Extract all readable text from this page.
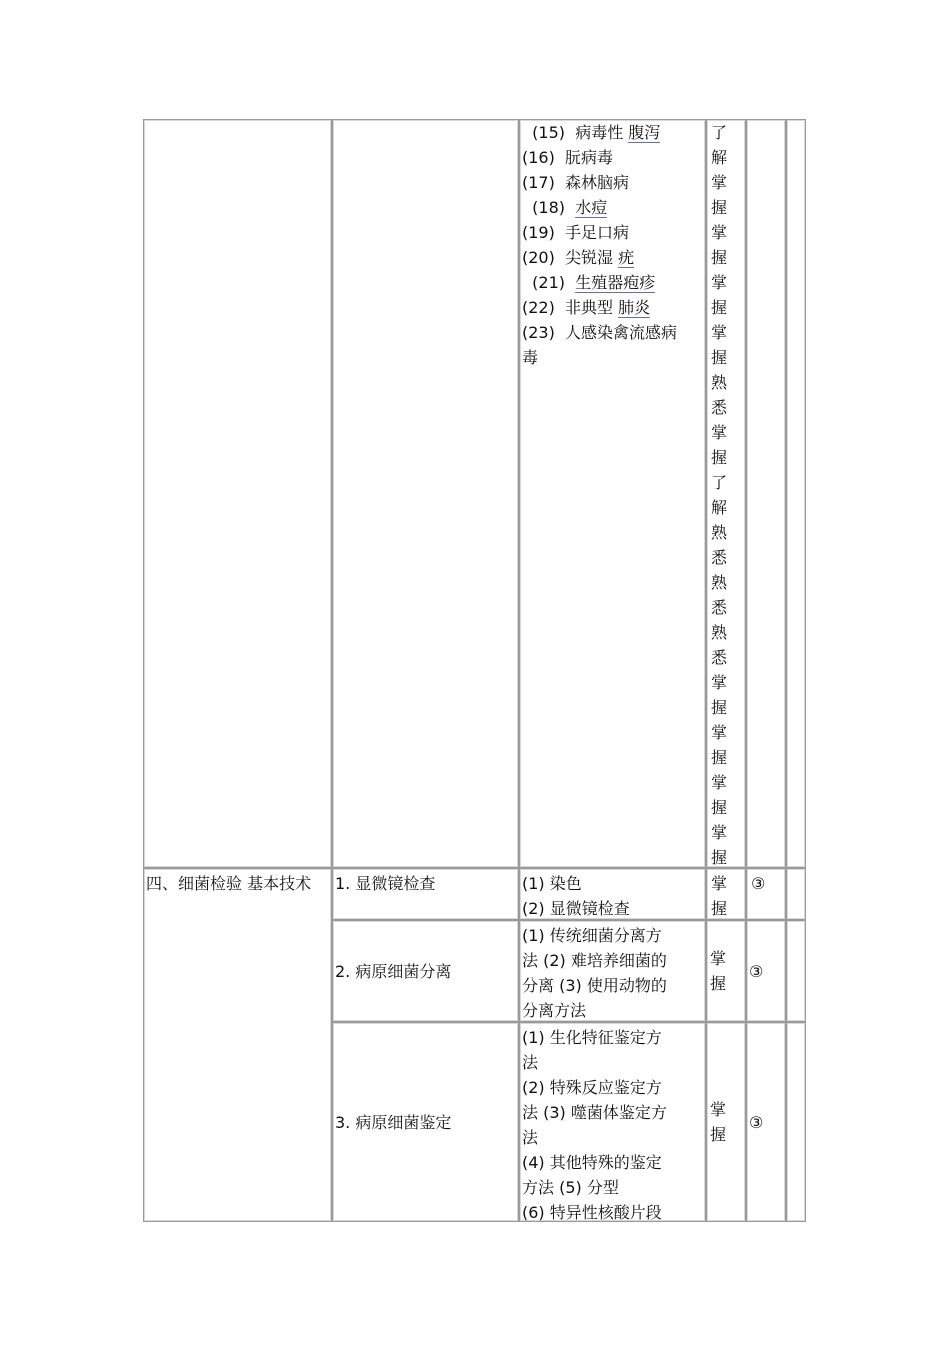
(15)  病毒性 腹泻
(16)  朊病毒
(17)  森林脑病
(18)  水痘
(19)  手足口病
(20)  尖锐湿 疣
(21)  生殖器疱疹
(22)  非典型 肺炎
(23)  人感染禽流感病
毒
了
解
掌
握
掌
握
掌
握
掌
握
熟
悉
掌
握
了
解
熟
悉
熟
悉
熟
悉
掌
握
掌
握
掌
握
掌
握
四、细菌检验 基本技术	1. 显微镜检查	(1) 染色
(2) 显微镜检查
掌
握
③
2. 病原细菌分离
(1) 传统细菌分离方
法 (2) 难培养细菌的
分离 (3) 使用动物的
分离方法
掌
握
③
3. 病原细菌鉴定
(1) 生化特征鉴定方
法
(2) 特殊反应鉴定方
法 (3) 噬菌体鉴定方
法
(4) 其他特殊的鉴定
方法 (5) 分型
(6) 特异性核酸片段
掌
握
③
